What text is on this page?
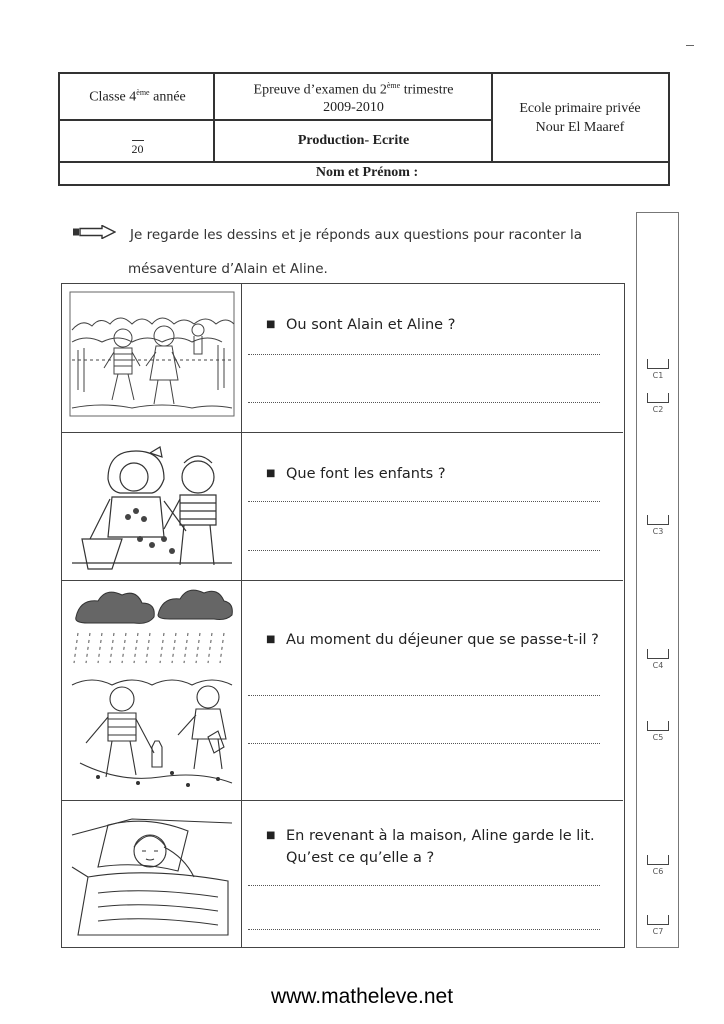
Classe 4ème année	Epreuve d’examen du 2ème trimestre
2009-2010
20
Production- Ecrite
Ecole primaire privée
Nour El Maaref
Nom et Prénom :
Je regarde les dessins et je réponds aux questions pour raconter la
mésaventure d’Alain et Aline.
■ Ou sont Alain et Aline ?
■ Que font les enfants ?
■ Au moment du déjeuner que se passe-t-il ?
■ En revenant à la maison, Aline garde le lit. Qu’est ce qu’elle a ?
C1
C2
C3
C4
C5
C6
C7
www.matheleve.net
